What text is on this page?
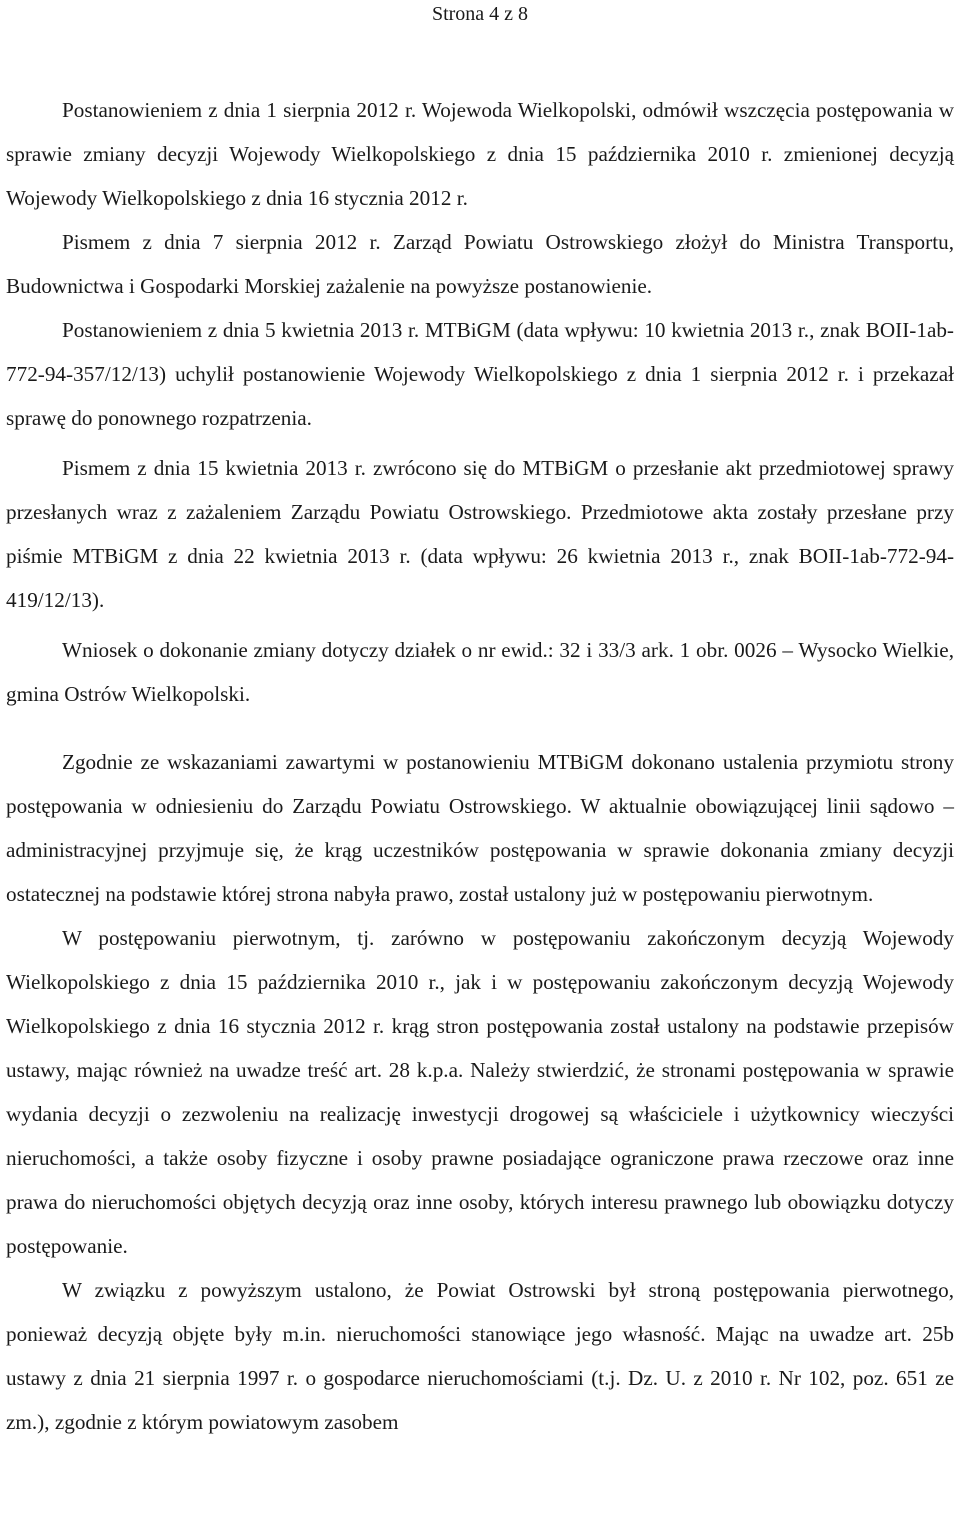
Strona 4 z 8

Postanowieniem z dnia 1 sierpnia 2012 r. Wojewoda Wielkopolski, odmówił wszczęcia postępowania w sprawie zmiany decyzji Wojewody Wielkopolskiego z dnia 15 października 2010 r. zmienionej decyzją Wojewody Wielkopolskiego z dnia 16 stycznia 2012 r.

Pismem z dnia 7 sierpnia 2012 r. Zarząd Powiatu Ostrowskiego złożył do Ministra Transportu, Budownictwa i Gospodarki Morskiej zażalenie na powyższe postanowienie.

Postanowieniem z dnia 5 kwietnia 2013 r. MTBiGM (data wpływu: 10 kwietnia 2013 r., znak BOII-1ab-772-94-357/12/13) uchylił postanowienie Wojewody Wielkopolskiego z dnia 1 sierpnia 2012 r. i przekazał sprawę do ponownego rozpatrzenia.

Pismem z dnia 15 kwietnia 2013 r. zwrócono się do MTBiGM o przesłanie akt przedmiotowej sprawy przesłanych wraz z zażaleniem Zarządu Powiatu Ostrowskiego. Przedmiotowe akta zostały przesłane przy piśmie MTBiGM z dnia 22 kwietnia 2013 r. (data wpływu: 26 kwietnia 2013 r., znak BOII-1ab-772-94-419/12/13).

Wniosek o dokonanie zmiany dotyczy działek o nr ewid.: 32 i 33/3 ark. 1 obr. 0026 – Wysocko Wielkie, gmina Ostrów Wielkopolski.

Zgodnie ze wskazaniami zawartymi w postanowieniu MTBiGM dokonano ustalenia przymiotu strony postępowania w odniesieniu do Zarządu Powiatu Ostrowskiego. W aktualnie obowiązującej linii sądowo – administracyjnej przyjmuje się, że krąg uczestników postępowania w sprawie dokonania zmiany decyzji ostatecznej na podstawie której strona nabyła prawo, został ustalony już w postępowaniu pierwotnym.

W postępowaniu pierwotnym, tj. zarówno w postępowaniu zakończonym decyzją Wojewody Wielkopolskiego z dnia 15 października 2010 r., jak i w postępowaniu zakończonym decyzją Wojewody Wielkopolskiego z dnia 16 stycznia 2012 r. krąg stron postępowania został ustalony na podstawie przepisów ustawy, mając również na uwadze treść art. 28 k.p.a. Należy stwierdzić, że stronami postępowania w sprawie wydania decyzji o zezwoleniu na realizację inwestycji drogowej są właściciele i użytkownicy wieczyści nieruchomości, a także osoby fizyczne i osoby prawne posiadające ograniczone prawa rzeczowe oraz inne prawa do nieruchomości objętych decyzją oraz inne osoby, których interesu prawnego lub obowiązku dotyczy postępowanie.

W związku z powyższym ustalono, że Powiat Ostrowski był stroną postępowania pierwotnego, ponieważ decyzją objęte były m.in. nieruchomości stanowiące jego własność. Mając na uwadze art. 25b ustawy z dnia 21 sierpnia 1997 r. o gospodarce nieruchomościami (t.j. Dz. U. z 2010 r. Nr 102, poz. 651 ze zm.), zgodnie z którym powiatowym zasobem
